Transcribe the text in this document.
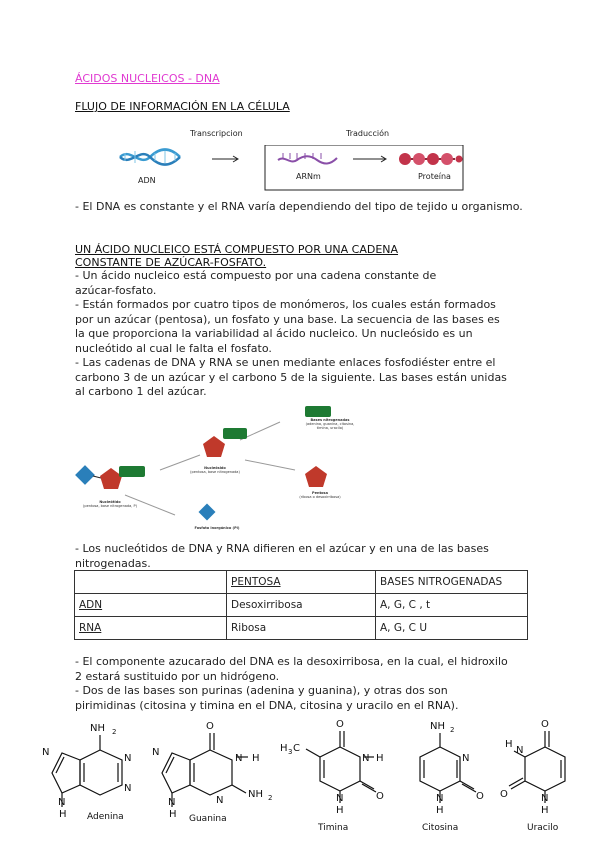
ÁCIDOS NUCLEICOS - DNA
FLUJO DE INFORMACIÓN EN LA CÉLULA
Transcripcion	Traducción
ADN	ARNm	Proteína
- El DNA es constante y el RNA varía dependiendo del tipo de tejido u organismo.
UN ÁCIDO NUCLEICO ESTÁ COMPUESTO POR UNA CADENA
CONSTANTE DE AZÚCAR-FOSFATO.
- Un ácido nucleico está compuesto por una cadena constante de
azúcar-fosfato.
- Están formados por cuatro tipos de monómeros, los cuales están formados
por un azúcar (pentosa), un fosfato y una base. La secuencia de las bases es
la que proporciona la variabilidad al ácido nucleico. Un nucleósido es un
nucleótido al cual le falta el fosfato.
- Las cadenas de DNA y RNA se unen mediante enlaces fosfodiéster entre el
carbono 3 de un azúcar y el carbono 5 de la siguiente. Las bases están unidas
al carbono 1 del azúcar.
Bases nitrogenadas
(adenina, guanina, citosina,
timina, uracilo)
Nucleósido
(pentosa, base nitrogenada)
Pentosa
(ribosa o desoxirribosa)
Nucleótido
(pentosa, base nitrogenada, P)
Fosfato inorgánico (Pi)
- Los nucleótidos de DNA y RNA difieren en el azúcar y en una de las bases
nitrogenadas.
	PENTOSA	BASES NITROGENADAS
ADN	Desoxirribosa	A, G, C , t
RNA	Ribosa	A, G, C U
- El componente azucarado del DNA es la desoxirribosa, en la cual, el hidroxilo
2 estará sustituido por un hidrógeno.
- Dos de las bases son purinas (adenina y guanina), y otras dos son
pirimidinas (citosina y timina en el DNA, citosina y uracilo en el RNA).
NH 2
N
N
N
N
H
O
N H
N
NH 2
N
N
H
O
N H
O
H 3 C
N
H
NH 2
N
O
N
H
O
N
H
O	N
H
Adenina	Guanina
Timina	Citosina	Uracilo
